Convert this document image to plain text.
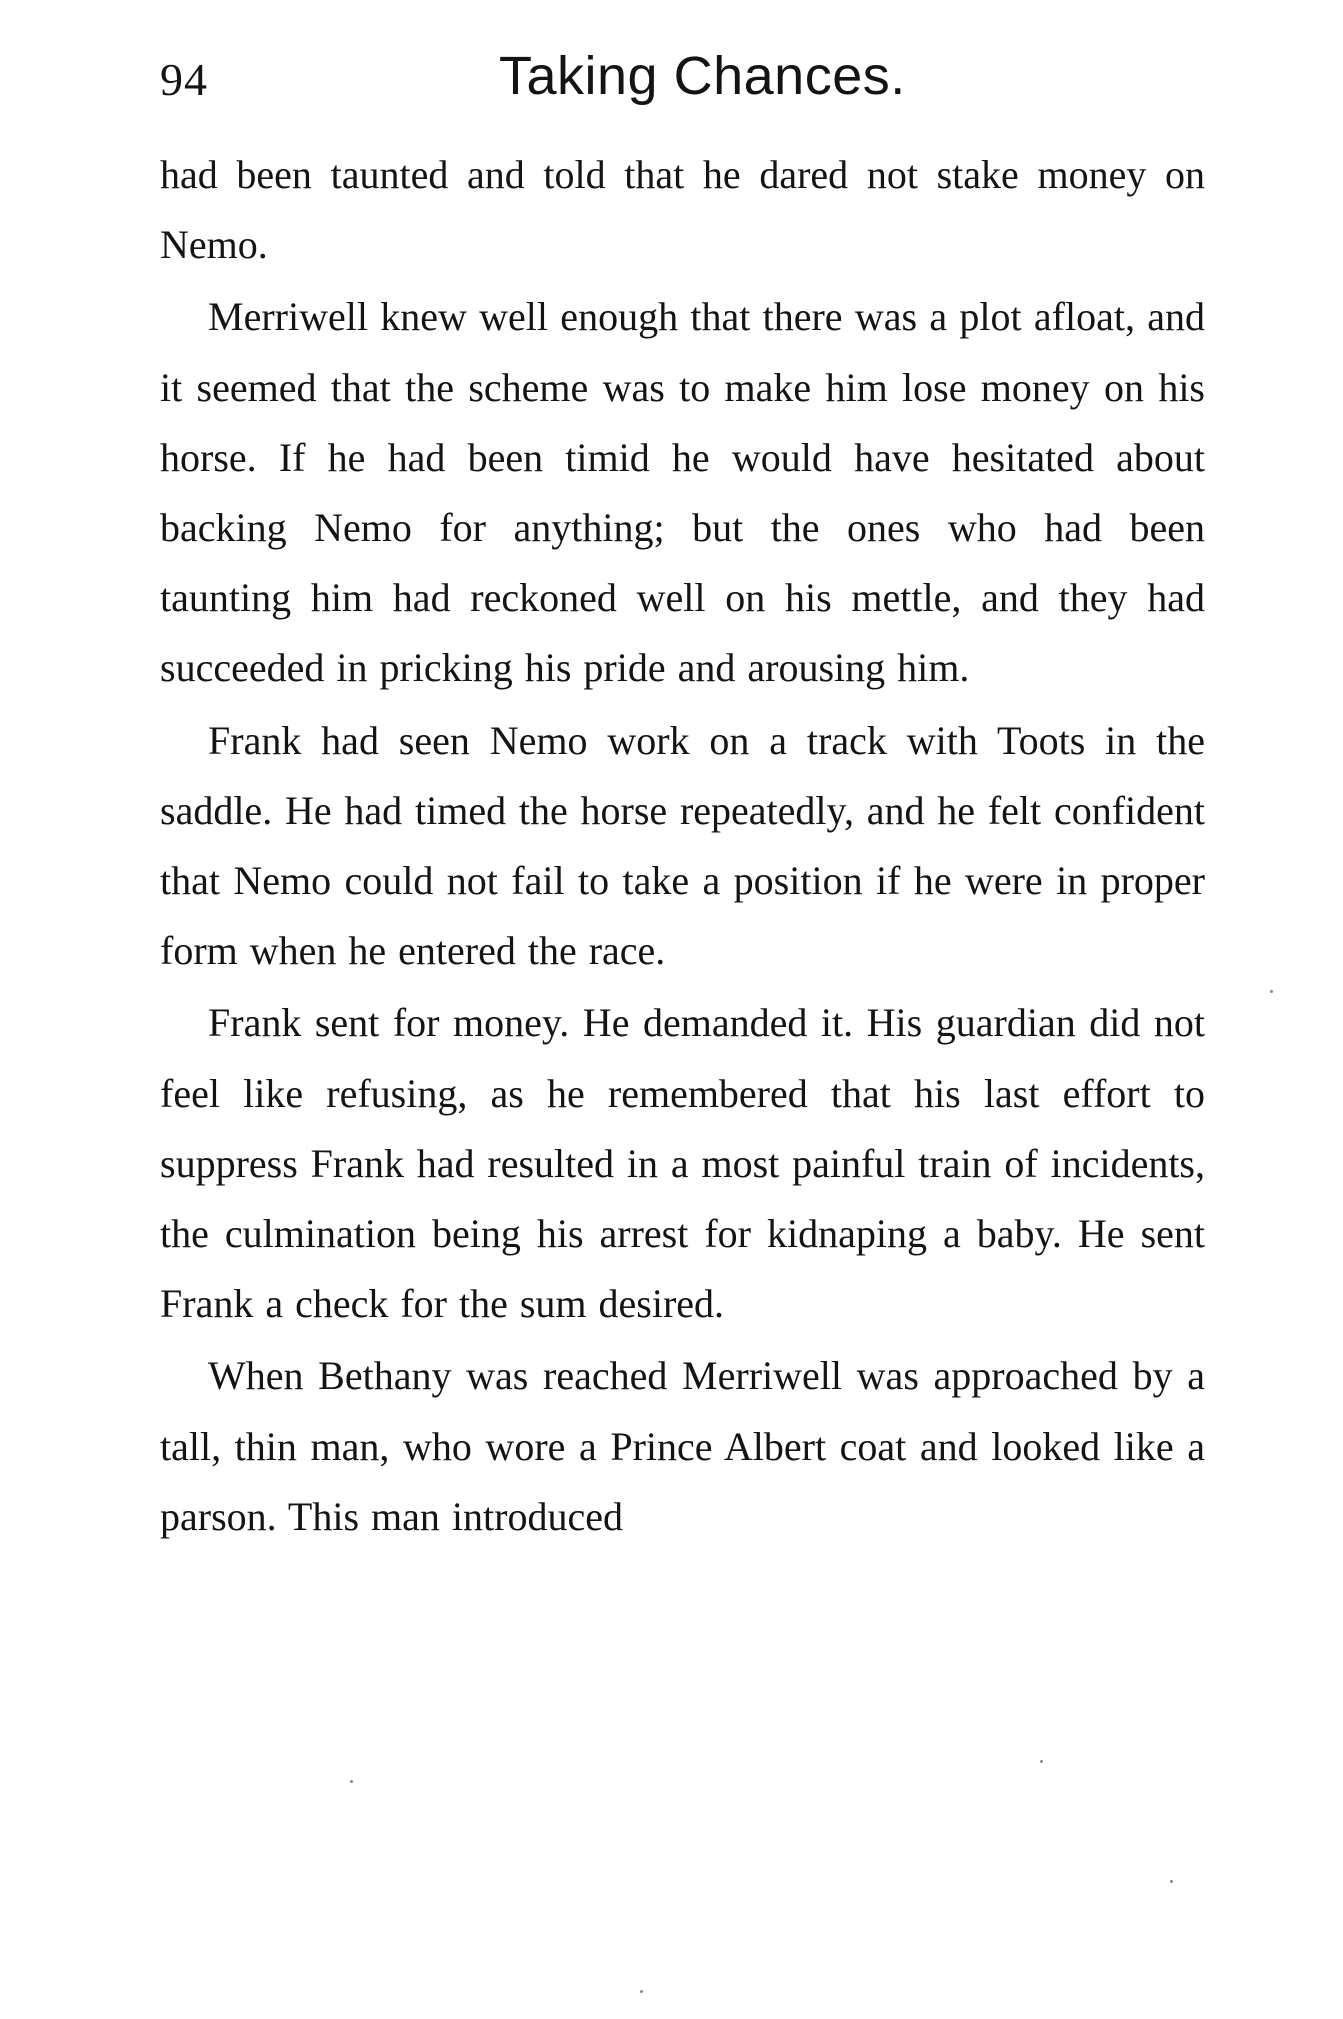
94	Taking Chances.

had been taunted and told that he dared not stake money on Nemo.

Merriwell knew well enough that there was a plot afloat, and it seemed that the scheme was to make him lose money on his horse. If he had been timid he would have hesitated about backing Nemo for anything; but the ones who had been taunting him had reckoned well on his mettle, and they had succeeded in pricking his pride and arousing him.

Frank had seen Nemo work on a track with Toots in the saddle. He had timed the horse repeatedly, and he felt confident that Nemo could not fail to take a position if he were in proper form when he entered the race.

Frank sent for money. He demanded it. His guardian did not feel like refusing, as he remembered that his last effort to suppress Frank had resulted in a most painful train of incidents, the culmination being his arrest for kidnaping a baby. He sent Frank a check for the sum desired.

When Bethany was reached Merriwell was approached by a tall, thin man, who wore a Prince Albert coat and looked like a parson. This man introduced
